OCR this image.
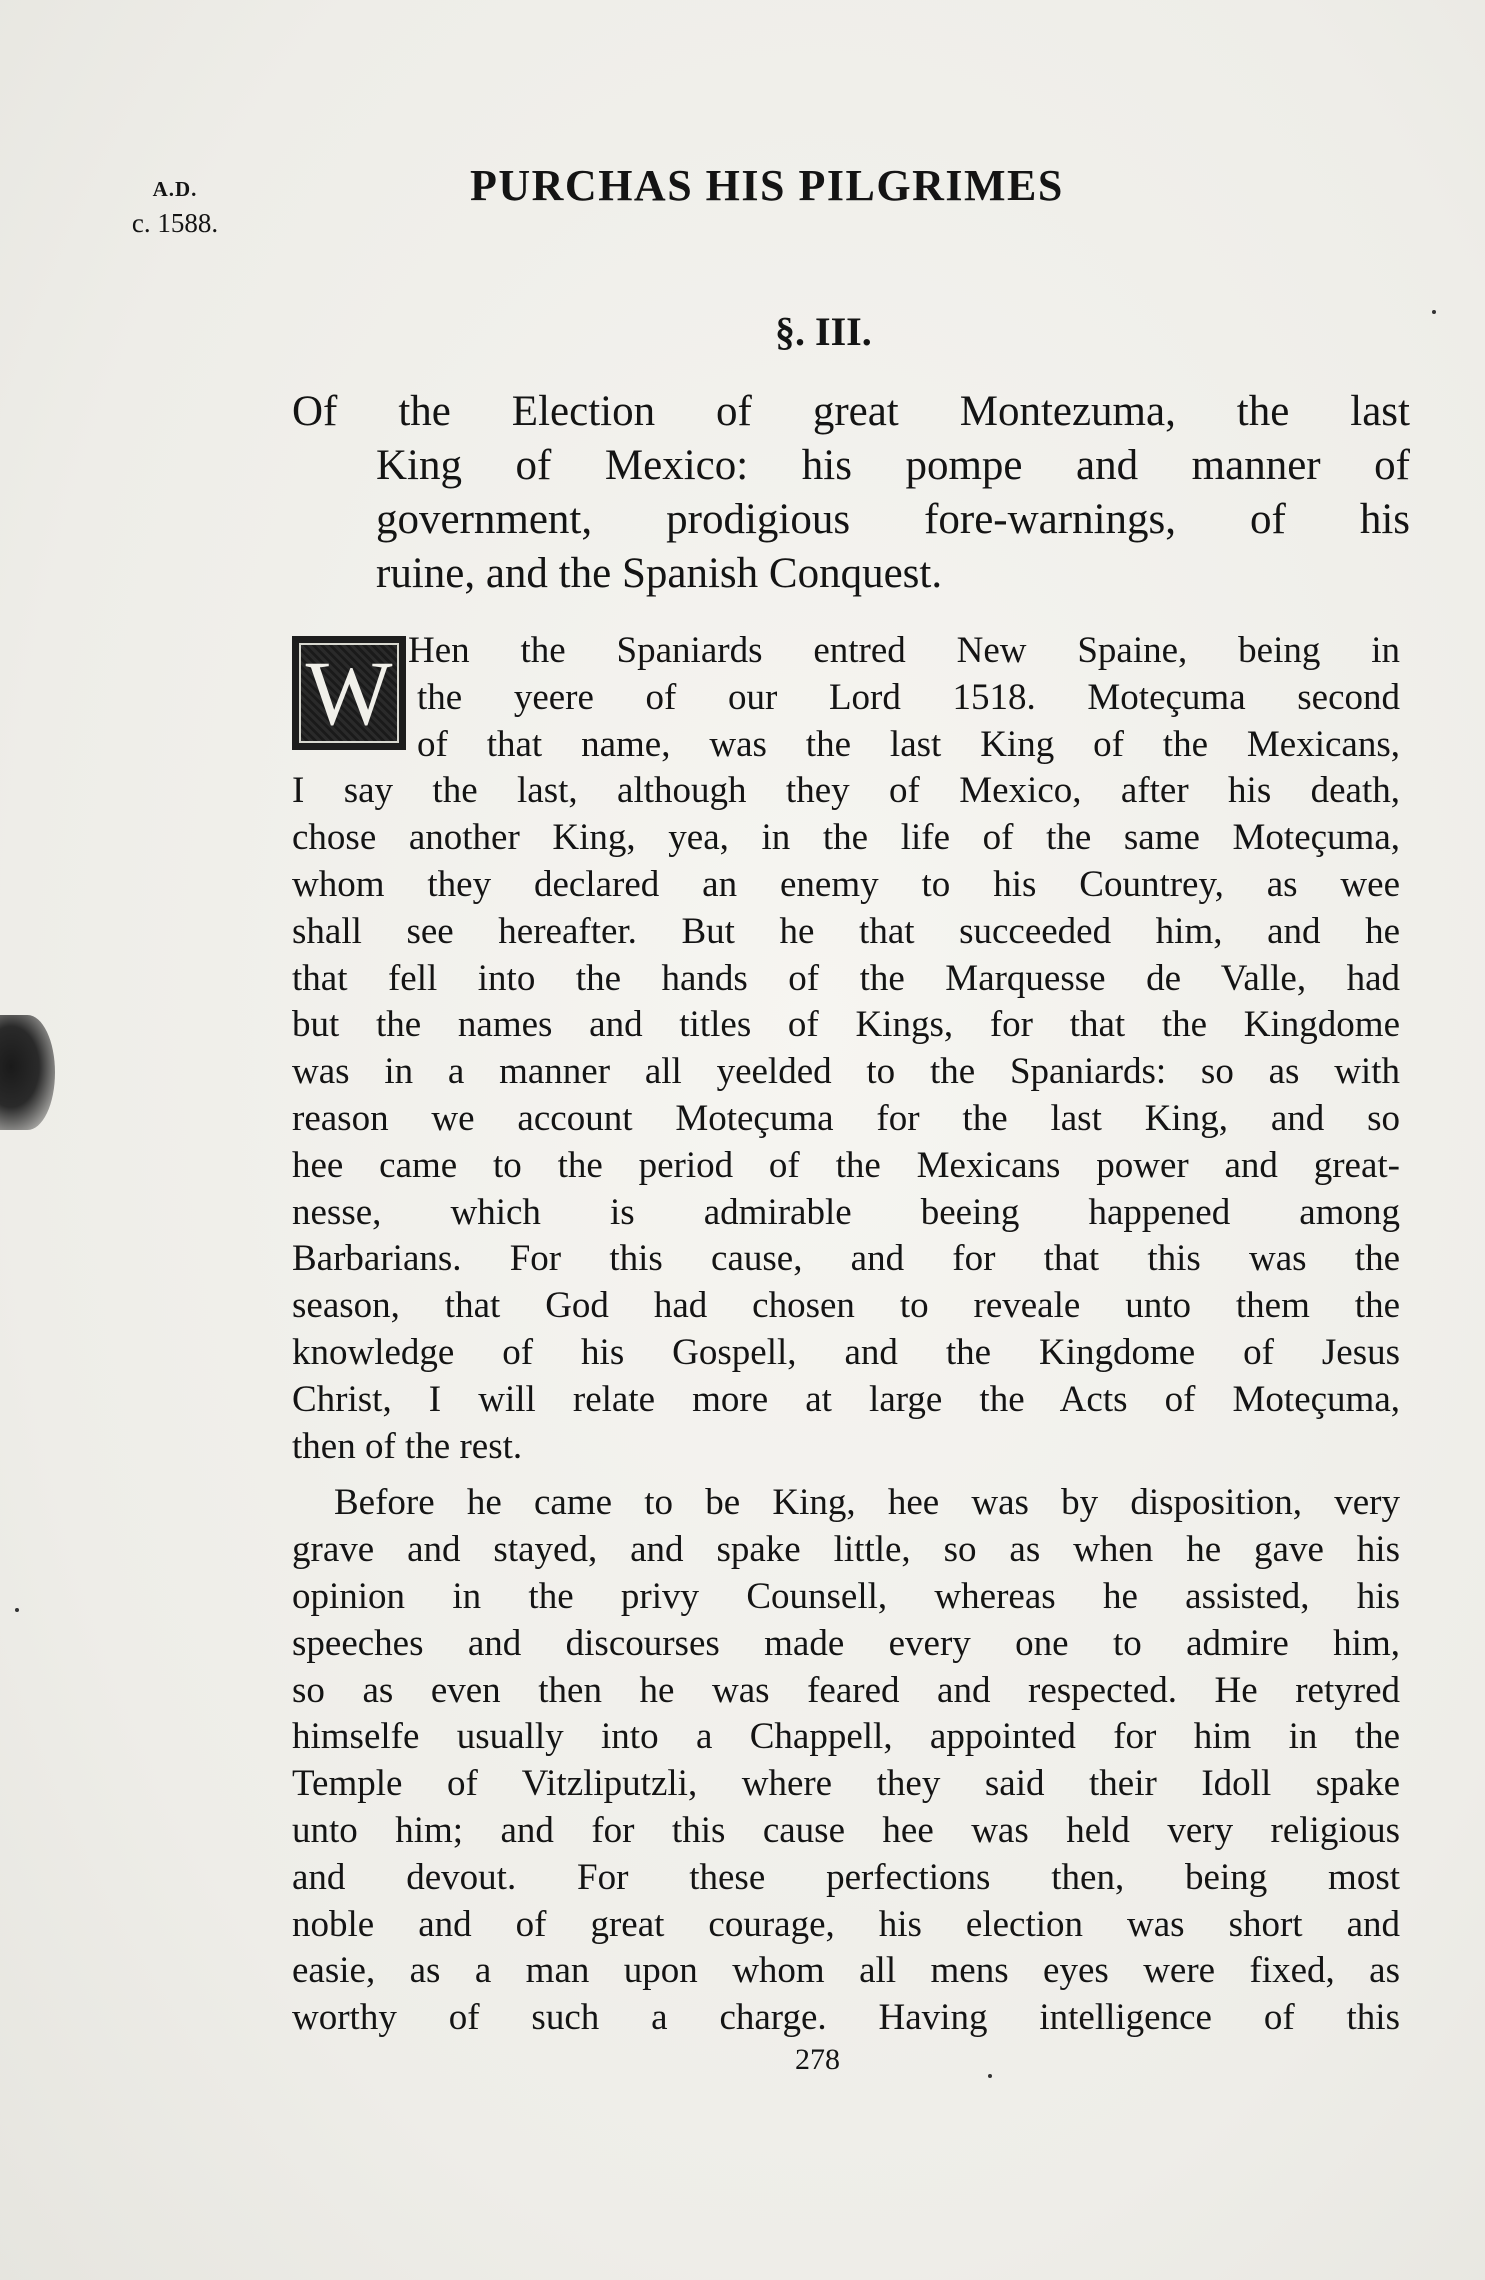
A.D.
c. 1588.
PURCHAS HIS PILGRIMES
§. III.
Of the Election of great Montezuma, the last
King of Mexico: his pompe and manner of
government, prodigious fore-warnings, of his
ruine, and the Spanish Conquest.
W Hen the Spaniards entred New Spaine, being in
the yeere of our Lord 1518. Moteçuma second
of that name, was the last King of the Mexicans,
I say the last, although they of Mexico, after his death,
chose another King, yea, in the life of the same Moteçuma,
whom they declared an enemy to his Countrey, as wee
shall see hereafter. But he that succeeded him, and he
that fell into the hands of the Marquesse de Valle, had
but the names and titles of Kings, for that the Kingdome
was in a manner all yeelded to the Spaniards: so as with
reason we account Moteçuma for the last King, and so
hee came to the period of the Mexicans power and great-
nesse, which is admirable beeing happened among
Barbarians. For this cause, and for that this was the
season, that God had chosen to reveale unto them the
knowledge of his Gospell, and the Kingdome of Jesus
Christ, I will relate more at large the Acts of Moteçuma,
then of the rest.
Before he came to be King, hee was by disposition, very
grave and stayed, and spake little, so as when he gave his
opinion in the privy Counsell, whereas he assisted, his
speeches and discourses made every one to admire him,
so as even then he was feared and respected. He retyred
himselfe usually into a Chappell, appointed for him in the
Temple of Vitzliputzli, where they said their Idoll spake
unto him; and for this cause hee was held very religious
and devout. For these perfections then, being most
noble and of great courage, his election was short and
easie, as a man upon whom all mens eyes were fixed, as
worthy of such a charge. Having intelligence of this
278
